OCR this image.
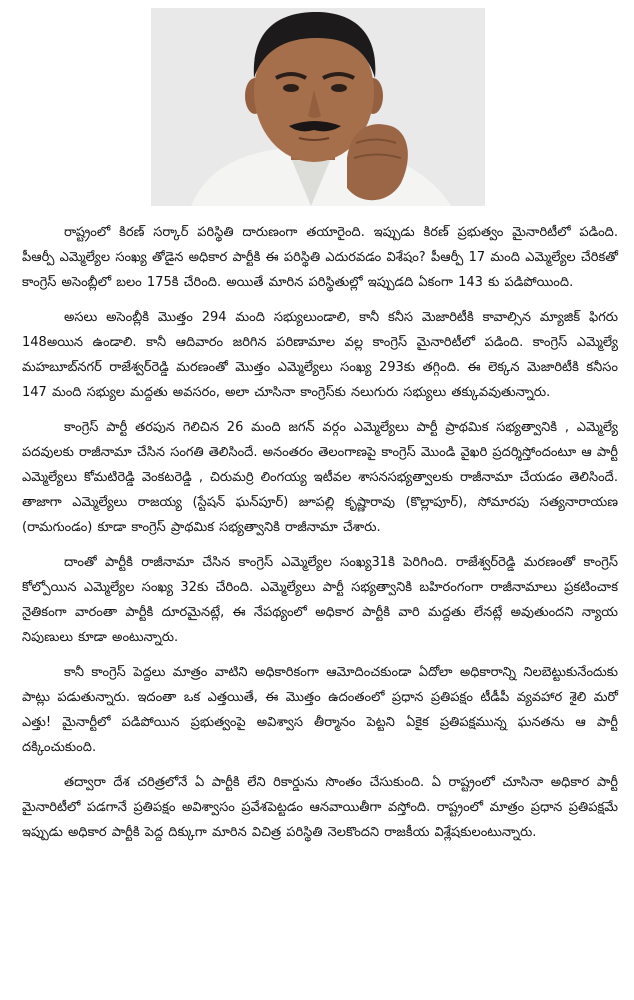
రాష్ట్రంలో కిరణ్ సర్కార్ పరిస్థితి దారుణంగా తయారైంది. ఇప్పుడు కిరణ్ ప్రభుత్వం మైనారిటీలో పడింది. పీఆర్పీ ఎమ్మెల్యేల సంఖ్య తోడైన అధికార పార్టీకి ఈ పరిస్థితి ఎదురవడం విశేషం? పీఆర్పీ 17 మంది ఎమ్మెల్యేల చేరికతో కాంగ్రెస్ అసెంబ్లీలో బలం 175కి చేరింది. అయితే మారిన పరిస్థితుల్లో ఇప్పుడది ఏకంగా 143 కు పడిపోయింది.

అసలు అసెంబ్లీకి మొత్తం 294 మంది సభ్యులుండాలి, కానీ కనీస మెజారిటీకి కావాల్సిన మ్యాజిక్ ఫిగరు 148అయిన ఉండాలి. కానీ ఆదివారం జరిగిన పరిణామాల వల్ల కాంగ్రెస్ మైనారిటీలో పడింది. కాంగ్రెస్ ఎమ్మెల్యే మహబూబ్‌నగర్ రాజేశ్వర్‌రెడ్డి మరణంతో మొత్తం ఎమ్మెల్యేలు సంఖ్య 293కు తగ్గింది. ఈ లెక్కన మెజారిటీకి కనీసం 147 మంది సభ్యుల మద్దతు అవసరం, అలా చూసినా కాంగ్రెస్‌కు నలుగురు సభ్యులు తక్కువవుతున్నారు.

కాంగ్రెస్ పార్టీ తరపున గెలిచిన 26 మంది జగన్ వర్గం ఎమ్మెల్యేలు పార్టీ ప్రాథమిక సభ్యత్వానికి , ఎమ్మెల్యే పదవులకు రాజీనామా చేసిన సంగతి తెలిసిందే. అనంతరం తెలంగాణపై కాంగ్రెస్ మొండి వైఖరి ప్రదర్శిస్తోందంటూ ఆ పార్టీ ఎమ్మెల్యేలు కోమటిరెడ్డి వెంకటరెడ్డి , చిరుమర్రి లింగయ్య ఇటీవల శాసనసభ్యత్వాలకు రాజీనామా చేయడం తెలిసిందే. తాజాగా ఎమ్మెల్యేలు రాజయ్య (స్టేషన్ ఘన్‌పూర్) జూపల్లి కృష్ణారావు (కొల్లాపూర్), సోమారపు సత్యనారాయణ (రామగుండం) కూడా కాంగ్రెస్ ప్రాథమిక సభ్యత్వానికి రాజీనామా చేశారు.

దాంతో పార్టీకి రాజీనామా చేసిన కాంగ్రెస్ ఎమ్మెల్యేల సంఖ్య31కి పెరిగింది. రాజేశ్వర్‌రెడ్డి మరణంతో కాంగ్రెస్ కోల్పోయిన ఎమ్మెల్యేల సంఖ్య 32కు చేరింది. ఎమ్మెల్యేలు పార్టీ సభ్యత్వానికి బహిరంగంగా రాజీనామాలు ప్రకటించాక నైతికంగా వారంతా పార్టీకి దూరమైనట్లే, ఈ నేపథ్యంలో అధికార పార్టీకి వారి మద్దతు లేనట్లే అవుతుందని న్యాయ నిపుణులు కూడా అంటున్నారు.

కానీ కాంగ్రెస్ పెద్దలు మాత్రం వాటిని అధికారికంగా ఆమోదించకుండా ఏదోలా అధికారాన్ని నిలబెట్టుకునేందుకు పాట్లు పడుతున్నారు. ఇదంతా ఒక ఎత్తయితే, ఈ మొత్తం ఉదంతంలో ప్రధాన ప్రతిపక్షం టీడీపీ వ్యవహార శైలి మరో ఎత్తు! మైనార్టీలో పడిపోయిన ప్రభుత్వంపై అవిశ్వాస తీర్మానం పెట్టని ఏకైక ప్రతిపక్షమున్న ఘనతను ఆ పార్టీ దక్కించుకుంది.

తద్వారా దేశ చరిత్రలోనే ఏ పార్టీకి లేని రికార్డును సొంతం చేసుకుంది. ఏ రాష్ట్రంలో చూసినా అధికార పార్టీ మైనారిటీలో పడగానే ప్రతిపక్షం అవిశ్వాసం ప్రవేశపెట్టడం ఆనవాయితీగా వస్తోంది. రాష్ట్రంలో మాత్రం ప్రధాన ప్రతిపక్షమే ఇప్పుడు అధికార పార్టీకి పెద్ద దిక్కుగా మారిన విచిత్ర పరిస్థితి నెలకొందని రాజకీయ విశ్లేషకులంటున్నారు.
